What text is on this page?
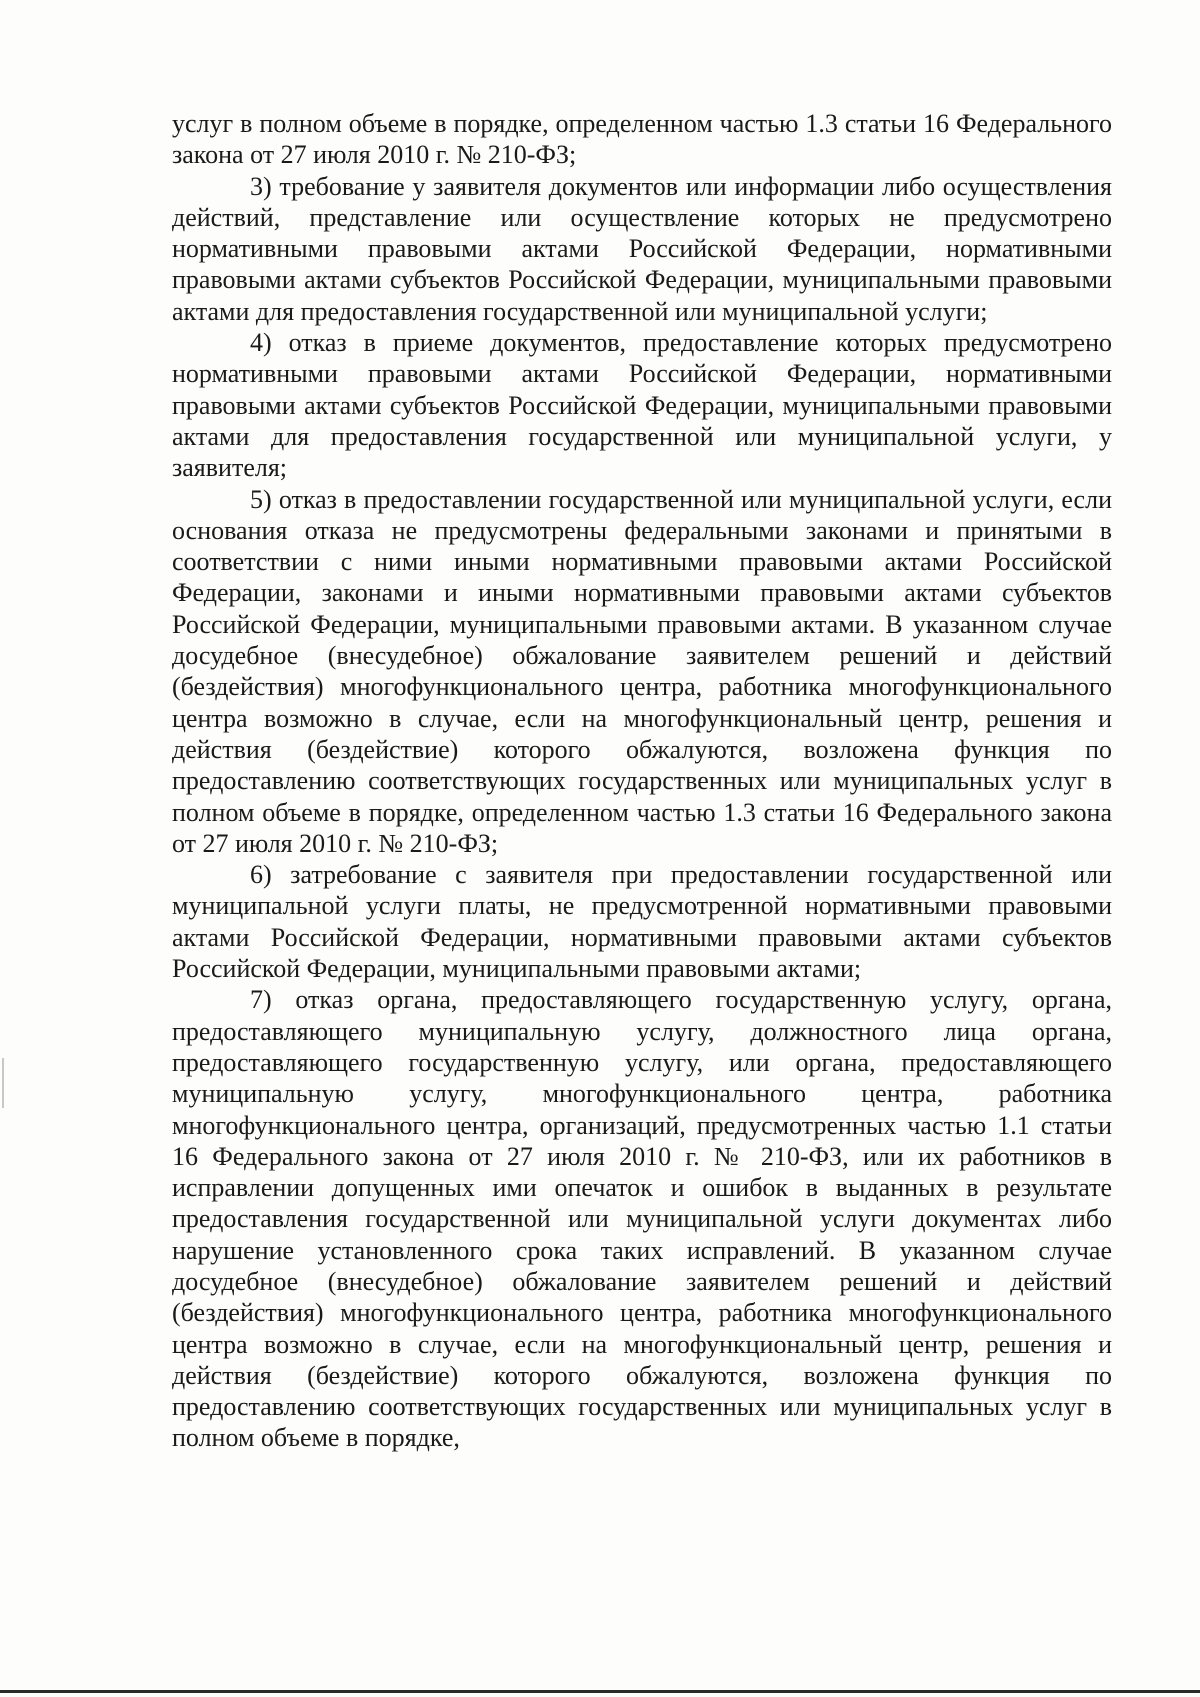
услуг в полном объеме в порядке, определенном частью 1.3 статьи 16 Федерального закона от 27 июля 2010 г. № 210-ФЗ;

3) требование у заявителя документов или информации либо осуществления действий, представление или осуществление которых не предусмотрено нормативными правовыми актами Российской Федерации, нормативными правовыми актами субъектов Российской Федерации, муниципальными правовыми актами для предоставления государственной или муниципальной услуги;

4) отказ в приеме документов, предоставление которых предусмотрено нормативными правовыми актами Российской Федерации, нормативными правовыми актами субъектов Российской Федерации, муниципальными правовыми актами для предоставления государственной или муниципальной услуги, у заявителя;

5) отказ в предоставлении государственной или муниципальной услуги, если основания отказа не предусмотрены федеральными законами и принятыми в соответствии с ними иными нормативными правовыми актами Российской Федерации, законами и иными нормативными правовыми актами субъектов Российской Федерации, муниципальными правовыми актами. В указанном случае досудебное (внесудебное) обжалование заявителем решений и действий (бездействия) многофункционального центра, работника многофункционального центра возможно в случае, если на многофункциональный центр, решения и действия (бездействие) которого обжалуются, возложена функция по предоставлению соответствующих государственных или муниципальных услуг в полном объеме в порядке, определенном частью 1.3 статьи 16 Федерального закона от 27 июля 2010 г. № 210-ФЗ;

6) затребование с заявителя при предоставлении государственной или муниципальной услуги платы, не предусмотренной нормативными правовыми актами Российской Федерации, нормативными правовыми актами субъектов Российской Федерации, муниципальными правовыми актами;

7) отказ органа, предоставляющего государственную услугу, органа, предоставляющего муниципальную услугу, должностного лица органа, предоставляющего государственную услугу, или органа, предоставляющего муниципальную услугу, многофункционального центра, работника многофункционального центра, организаций, предусмотренных частью 1.1 статьи 16 Федерального закона от 27 июля 2010 г. № 210-ФЗ, или их работников в исправлении допущенных ими опечаток и ошибок в выданных в результате предоставления государственной или муниципальной услуги документах либо нарушение установленного срока таких исправлений. В указанном случае досудебное (внесудебное) обжалование заявителем решений и действий (бездействия) многофункционального центра, работника многофункционального центра возможно в случае, если на многофункциональный центр, решения и действия (бездействие) которого обжалуются, возложена функция по предоставлению соответствующих государственных или муниципальных услуг в полном объеме в порядке,
